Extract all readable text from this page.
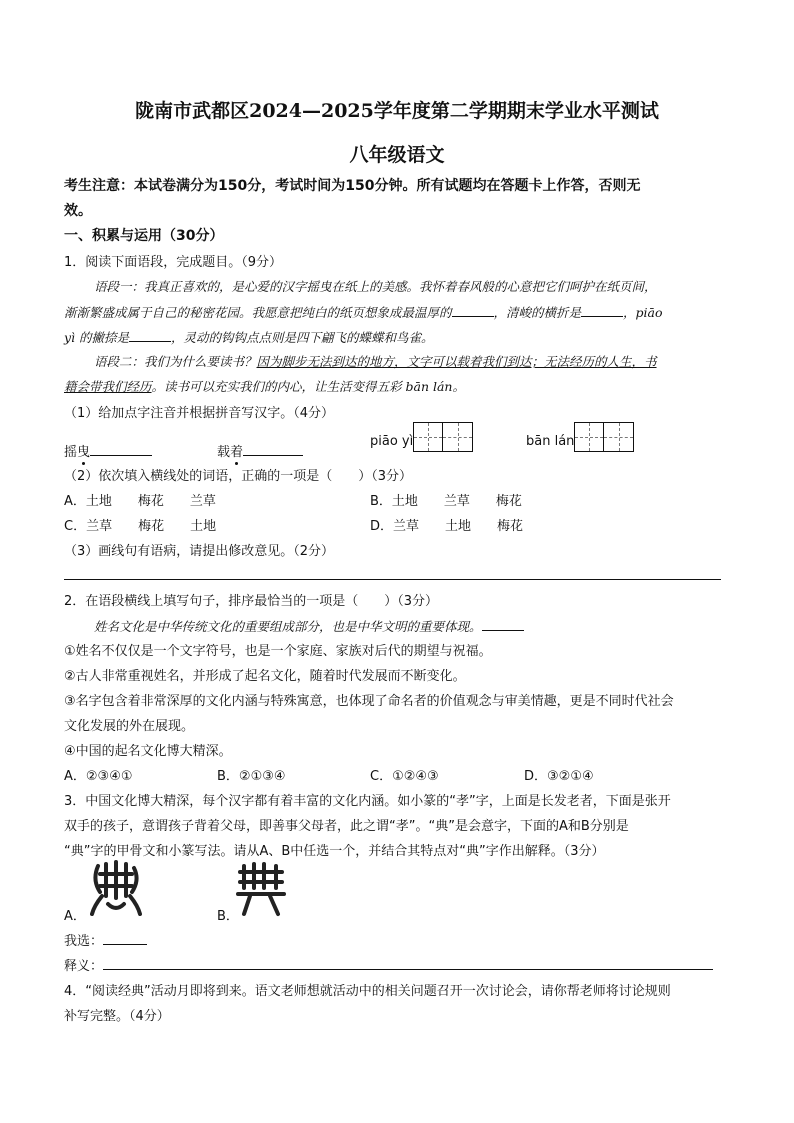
陇南市武都区2024—2025学年度第二学期期末学业水平测试
八年级语文
考生注意：本试卷满分为150分，考试时间为150分钟。所有试题均在答题卡上作答，否则无
效。
一、积累与运用（30分）
1．阅读下面语段，完成题目。（9分）
语段一：我真正喜欢的，是心爱的汉字摇曳在纸上的美感。我怀着春风般的心意把它们呵护在纸页间，
渐渐繁盛成属于自己的秘密花园。我愿意把纯白的纸页想象成最温厚的	，清峻的横折是	，piāo
yì 的撇捺是	，灵动的钩钩点点则是四下翩飞的蝶蝶和鸟雀。
语段二：我们为什么要读书？因为脚步无法到达的地方，文字可以载着我们到达；无法经历的人生，书
籍会带我们经历。读书可以充实我们的内心，让生活变得五彩 bān lán。
（1）给加点字注音并根据拼音写汉字。（4分）
摇曳	载着
piāo yì	bān lán
（2）依次填入横线处的词语，正确的一项是（　　）（3分）
A．土地　　梅花　　兰草	B．土地　　兰草　　梅花
C．兰草　　梅花　　土地	D．兰草　　土地　　梅花
（3）画线句有语病，请提出修改意见。（2分）
2．在语段横线上填写句子，排序最恰当的一项是（　　）（3分）
姓名文化是中华传统文化的重要组成部分，也是中华文明的重要体现。
①姓名不仅仅是一个文字符号，也是一个家庭、家族对后代的期望与祝福。
②古人非常重视姓名，并形成了起名文化，随着时代发展而不断变化。
③名字包含着非常深厚的文化内涵与特殊寓意，也体现了命名者的价值观念与审美情趣，更是不同时代社会
文化发展的外在展现。
④中国的起名文化博大精深。
A．②③④①	B．②①③④	C．①②④③	D．③②①④
3．中国文化博大精深，每个汉字都有着丰富的文化内涵。如小篆的“孝”字，上面是长发老者，下面是张开
双手的孩子，意谓孩子背着父母，即善事父母者，此之谓“孝”。“典”是会意字，下面的A和B分别是
“典”字的甲骨文和小篆写法。请从A、B中任选一个，并结合其特点对“典”字作出解释。（3分）
A．	B．
我选：
释义：
4．“阅读经典”活动月即将到来。语文老师想就活动中的相关问题召开一次讨论会，请你帮老师将讨论规则
补写完整。（4分）
